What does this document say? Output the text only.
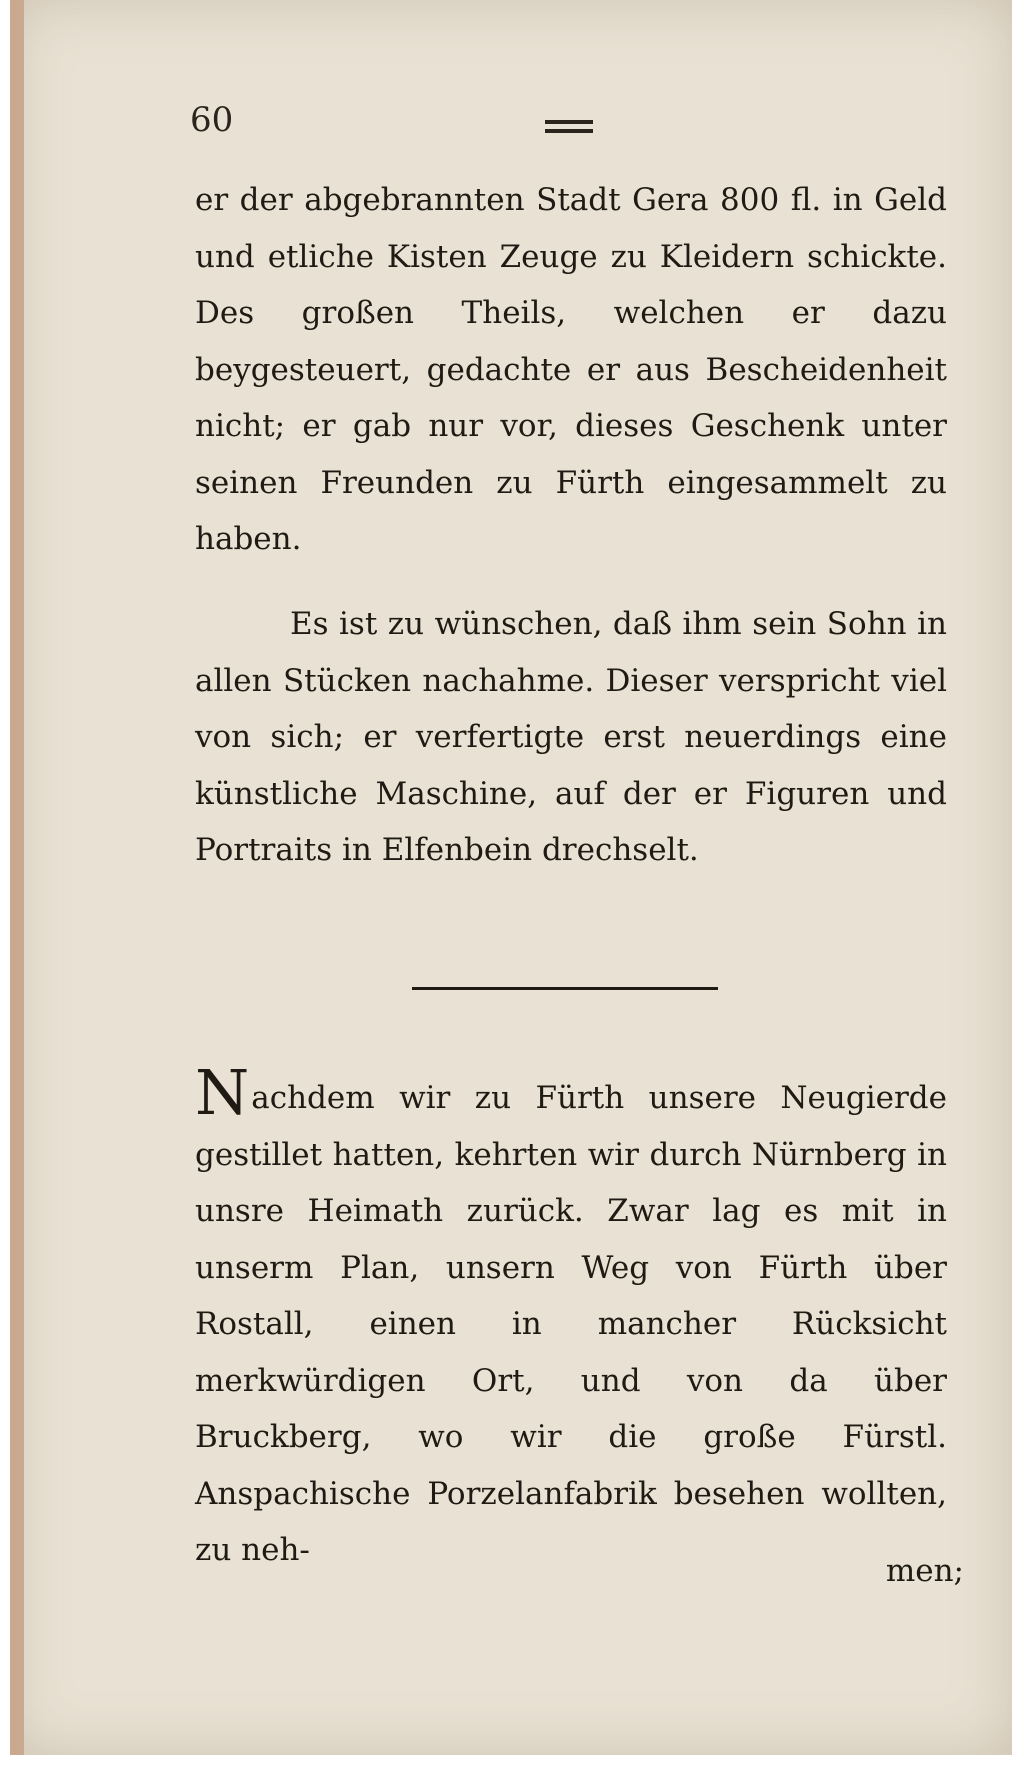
60
er der abgebrannten Stadt Gera 800 fl. in Geld und etliche Kisten Zeuge zu Kleidern schickte. Des großen Theils, welchen er dazu beygesteuert, gedachte er aus Bescheidenheit nicht; er gab nur vor, dieses Geschenk unter seinen Freunden zu Fürth eingesammelt zu haben.
Es ist zu wünschen, daß ihm sein Sohn in allen Stücken nachahme. Dieser verspricht viel von sich; er verfertigte erst neuerdings eine künstliche Maschine, auf der er Figuren und Portraits in Elfenbein drechselt.
Nachdem wir zu Fürth unsere Neugierde gestillet hatten, kehrten wir durch Nürnberg in unsre Heimath zurück. Zwar lag es mit in unserm Plan, unsern Weg von Fürth über Rostall, einen in mancher Rücksicht merkwürdigen Ort, und von da über Bruckberg, wo wir die große Fürstl. Anspachische Porzelanfabrik besehen wollten, zu neh-
men;
